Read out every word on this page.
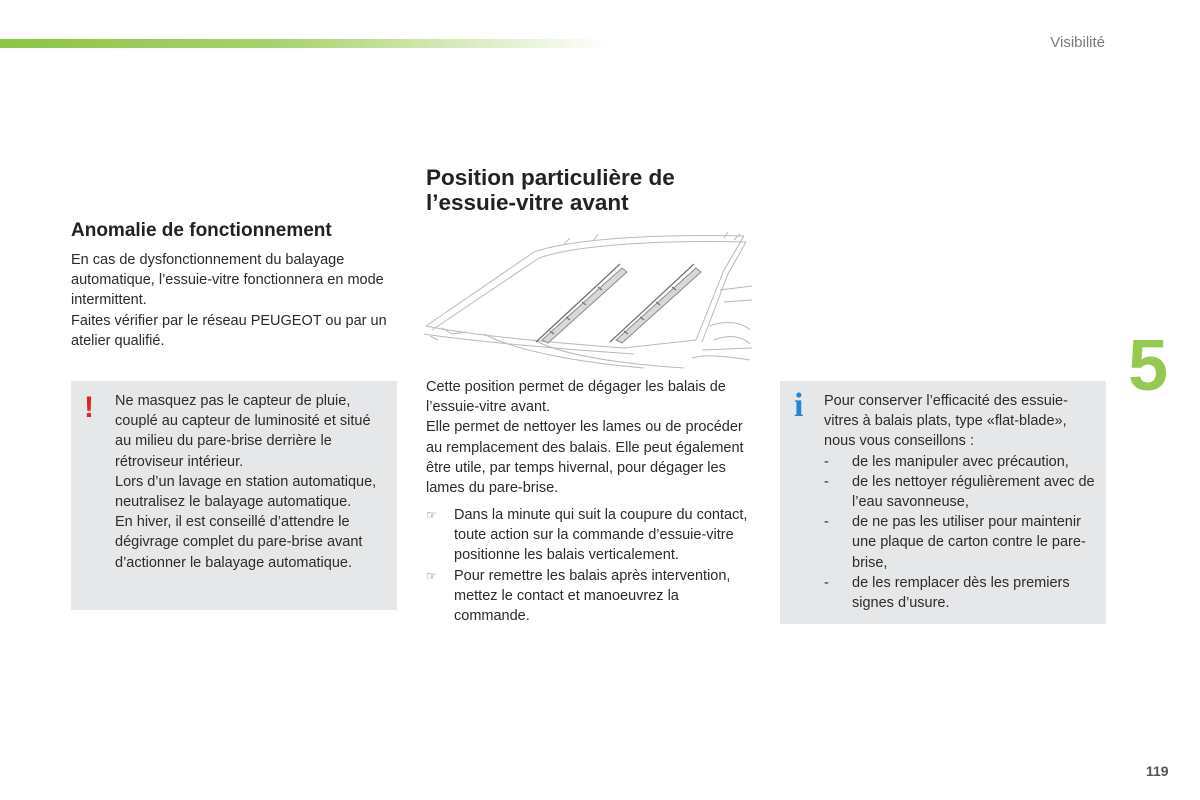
Visibilité
5
119
Anomalie de fonctionnement

En cas de dysfonctionnement du balayage automatique, l’essuie-vitre fonctionnera en mode intermittent.

Faites vérifier par le réseau PEUGEOT ou par un atelier qualifié.

! Ne masquez pas le capteur de pluie, couplé au capteur de luminosité et situé au milieu du pare-brise derrière le rétroviseur intérieur.

Lors d’un lavage en station automatique, neutralisez le balayage automatique.

En hiver, il est conseillé d’attendre le dégivrage complet du pare-brise avant d’actionner le balayage automatique.

Position particulière de l’essuie-vitre avant

Cette position permet de dégager les balais de l’essuie-vitre avant.

Elle permet de nettoyer les lames ou de procéder au remplacement des balais. Elle peut également être utile, par temps hivernal, pour dégager les lames du pare-brise.

☞ Dans la minute qui suit la coupure du contact, toute action sur la commande d’essuie-vitre positionne les balais verticalement.
☞ Pour remettre les balais après intervention, mettez le contact et manoeuvrez la commande.
i Pour conserver l’efficacité des essuie-vitres à balais plats, type «flat-blade», nous vous conseillons :

- de les manipuler avec précaution,
- de les nettoyer régulièrement avec de l’eau savonneuse,
- de ne pas les utiliser pour maintenir une plaque de carton contre le pare-brise,
- de les remplacer dès les premiers signes d’usure.
